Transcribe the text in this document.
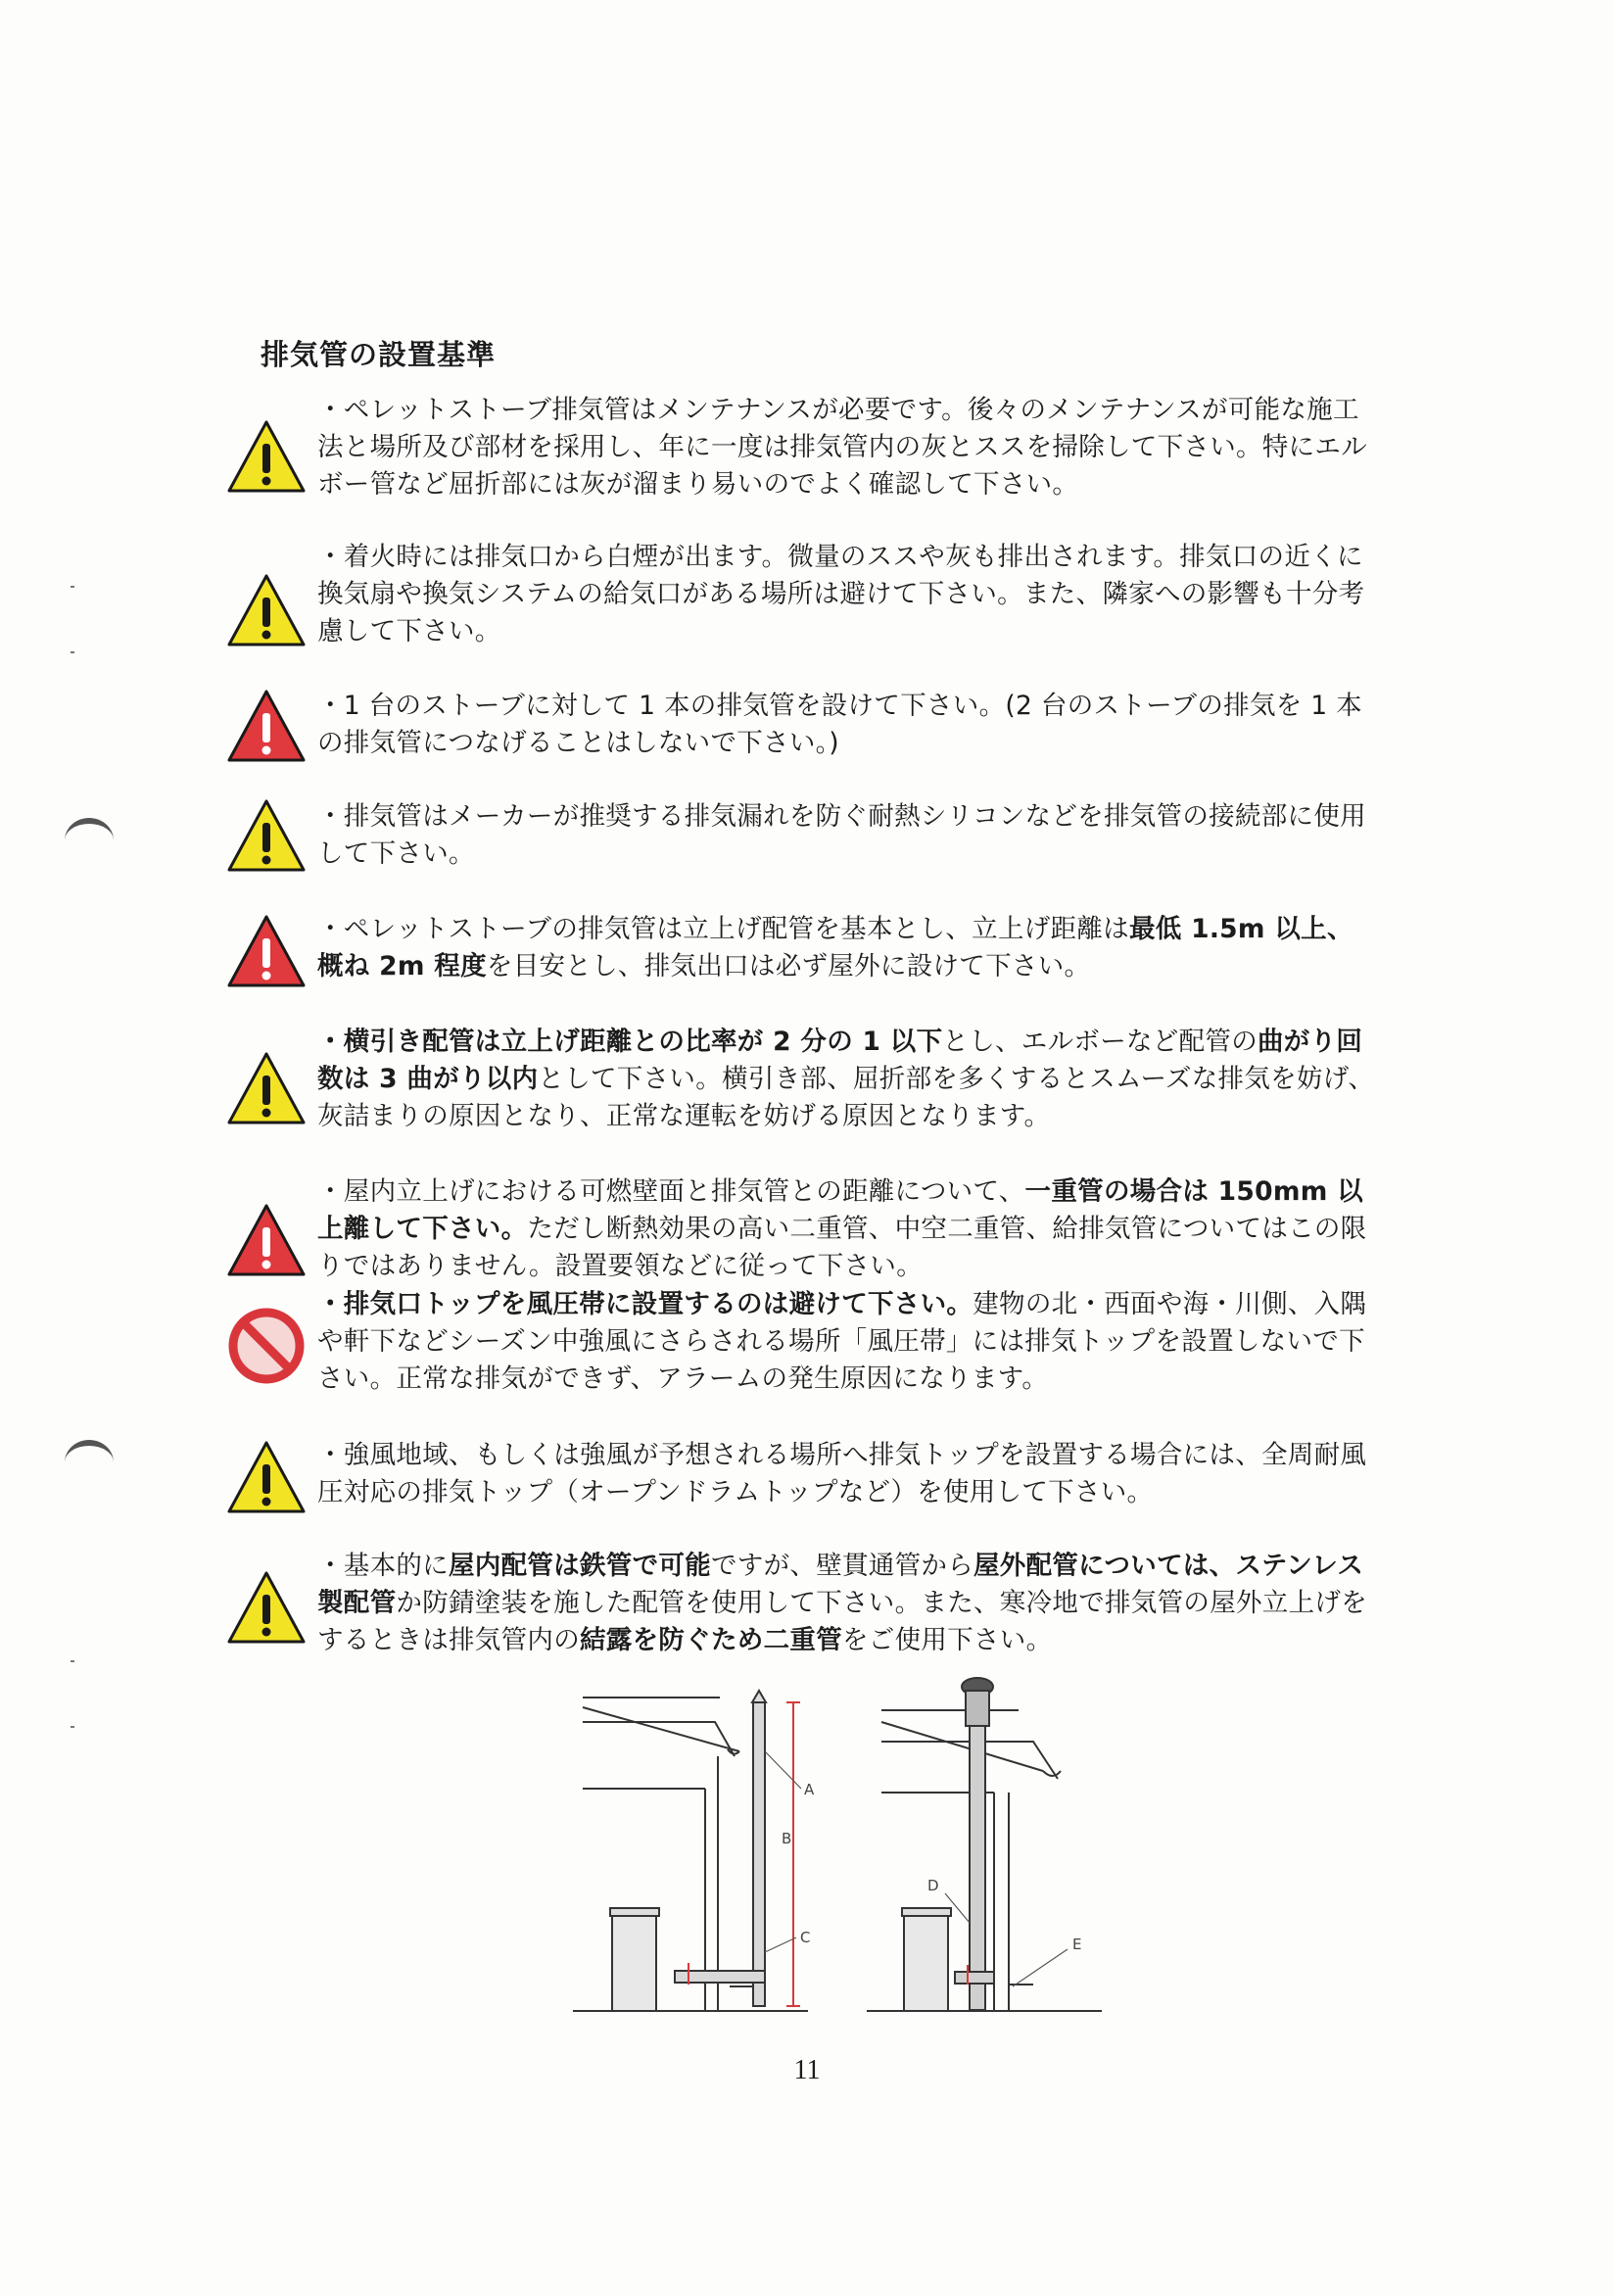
排気管の設置基準
・ペレットストーブ排気管はメンテナンスが必要です。後々のメンテナンスが可能な施工法と場所及び部材を採用し、年に一度は排気管内の灰とススを掃除して下さい。特にエルボー管など屈折部には灰が溜まり易いのでよく確認して下さい。
・着火時には排気口から白煙が出ます。微量のススや灰も排出されます。排気口の近くに換気扇や換気システムの給気口がある場所は避けて下さい。また、隣家への影響も十分考慮して下さい。
・1 台のストーブに対して 1 本の排気管を設けて下さい。(2 台のストーブの排気を 1 本の排気管につなげることはしないで下さい。)
・排気管はメーカーが推奨する排気漏れを防ぐ耐熱シリコンなどを排気管の接続部に使用して下さい。
・ペレットストーブの排気管は立上げ配管を基本とし、立上げ距離は最低 1.5m 以上、概ね 2m 程度を目安とし、排気出口は必ず屋外に設けて下さい。
・横引き配管は立上げ距離との比率が 2 分の 1 以下とし、エルボーなど配管の曲がり回数は 3 曲がり以内として下さい。横引き部、屈折部を多くするとスムーズな排気を妨げ、灰詰まりの原因となり、正常な運転を妨げる原因となります。
・屋内立上げにおける可燃壁面と排気管との距離について、一重管の場合は 150mm 以上離して下さい。ただし断熱効果の高い二重管、中空二重管、給排気管についてはこの限りではありません。設置要領などに従って下さい。
・排気口トップを風圧帯に設置するのは避けて下さい。建物の北・西面や海・川側、入隅や軒下などシーズン中強風にさらされる場所「風圧帯」には排気トップを設置しないで下さい。正常な排気ができず、アラームの発生原因になります。
・強風地域、もしくは強風が予想される場所へ排気トップを設置する場合には、全周耐風圧対応の排気トップ（オープンドラムトップなど）を使用して下さい。
・基本的に屋内配管は鉄管で可能ですが、壁貫通管から屋外配管については、ステンレス製配管か防錆塗装を施した配管を使用して下さい。また、寒冷地で排気管の屋外立上げをするときは排気管内の結露を防ぐため二重管をご使用下さい。
A
B
C
D
E
11
